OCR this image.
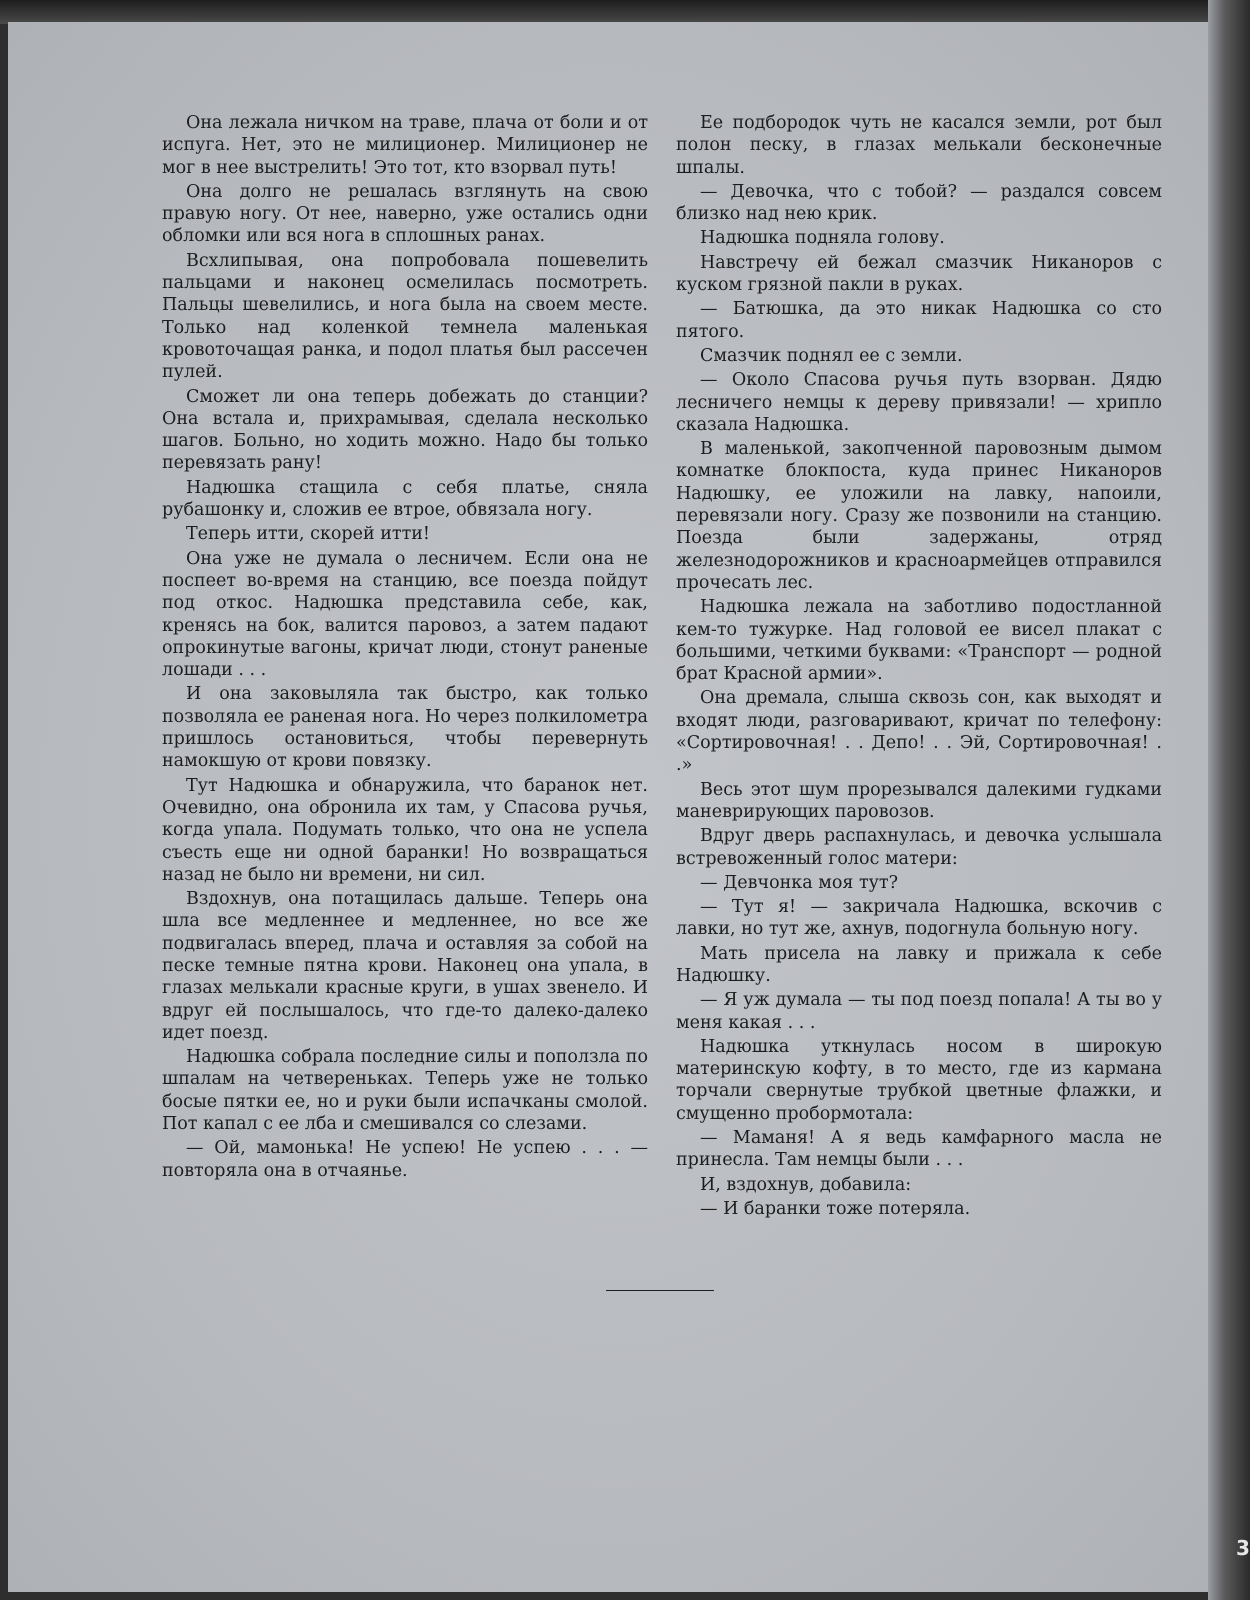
Она лежала ничком на траве, плача от боли и от испуга. Нет, это не милиционер. Милиционер не мог в нее выстрелить! Это тот, кто взорвал путь!

Она долго не решалась взглянуть на свою правую ногу. От нее, наверно, уже остались одни обломки или вся нога в сплошных ранах.

Всхлипывая, она попробовала пошевелить пальцами и наконец осмелилась посмотреть. Пальцы шевелились, и нога была на своем месте. Только над коленкой темнела маленькая кровоточащая ранка, и подол платья был рассечен пулей.

Сможет ли она теперь добежать до станции? Она встала и, прихрамывая, сделала несколько шагов. Больно, но ходить можно. Надо бы только перевязать рану!

Надюшка стащила с себя платье, сняла рубашонку и, сложив ее втрое, обвязала ногу.

Теперь итти, скорей итти!

Она уже не думала о лесничем. Если она не поспеет во-время на станцию, все поезда пойдут под откос. Надюшка представила себе, как, кренясь на бок, валится паровоз, а затем падают опрокинутые вагоны, кричат люди, стонут раненые лошади . . .

И она заковыляла так быстро, как только позволяла ее раненая нога. Но через полкилометра пришлось остановиться, чтобы перевернуть намокшую от крови повязку.

Тут Надюшка и обнаружила, что баранок нет. Очевидно, она обронила их там, у Спасова ручья, когда упала. Подумать только, что она не успела съесть еще ни одной баранки! Но возвращаться назад не было ни времени, ни сил.

Вздохнув, она потащилась дальше. Теперь она шла все медленнее и медленнее, но все же подвигалась вперед, плача и оставляя за собой на песке темные пятна крови. Наконец она упала, в глазах мелькали красные круги, в ушах звенело. И вдруг ей послышалось, что где-то далеко-далеко идет поезд.

Надюшка собрала последние силы и поползла по шпалам на четвереньках. Теперь уже не только босые пятки ее, но и руки были испачканы смолой. Пот капал с ее лба и смешивался со слезами.

— Ой, мамонька! Не успею! Не успею . . . — повторяла она в отчаянье.

Ее подбородок чуть не касался земли, рот был полон песку, в глазах мелькали бесконечные шпалы.

— Девочка, что с тобой? — раздался совсем близко над нею крик.

Надюшка подняла голову.

Навстречу ей бежал смазчик Никаноров с куском грязной пакли в руках.

— Батюшка, да это никак Надюшка со сто пятого.

Смазчик поднял ее с земли.

— Около Спасова ручья путь взорван. Дядю лесничего немцы к дереву привязали! — хрипло сказала Надюшка.

В маленькой, закопченной паровозным дымом комнатке блокпоста, куда принес Никаноров Надюшку, ее уложили на лавку, напоили, перевязали ногу. Сразу же позвонили на станцию. Поезда были задержаны, отряд железнодорожников и красноармейцев отправился прочесать лес.

Надюшка лежала на заботливо подостланной кем-то тужурке. Над головой ее висел плакат с большими, четкими буквами: «Транспорт — родной брат Красной армии».

Она дремала, слыша сквозь сон, как выходят и входят люди, разговаривают, кричат по телефону: «Сортировочная! . . Депо! . . Эй, Сортировочная! . .»

Весь этот шум прорезывался далекими гудками маневрирующих паровозов.

Вдруг дверь распахнулась, и девочка услышала встревоженный голос матери:

— Девчонка моя тут?

— Тут я! — закричала Надюшка, вскочив с лавки, но тут же, ахнув, подогнула больную ногу.

Мать присела на лавку и прижала к себе Надюшку.

— Я уж думала — ты под поезд попала! А ты во у меня какая . . .

Надюшка уткнулась носом в широкую материнскую кофту, в то место, где из кармана торчали свернутые трубкой цветные флажки, и смущенно пробормотала:

— Маманя! А я ведь камфарного масла не принесла. Там немцы были . . .

И, вздохнув, добавила:

— И баранки тоже потеряла.

3
